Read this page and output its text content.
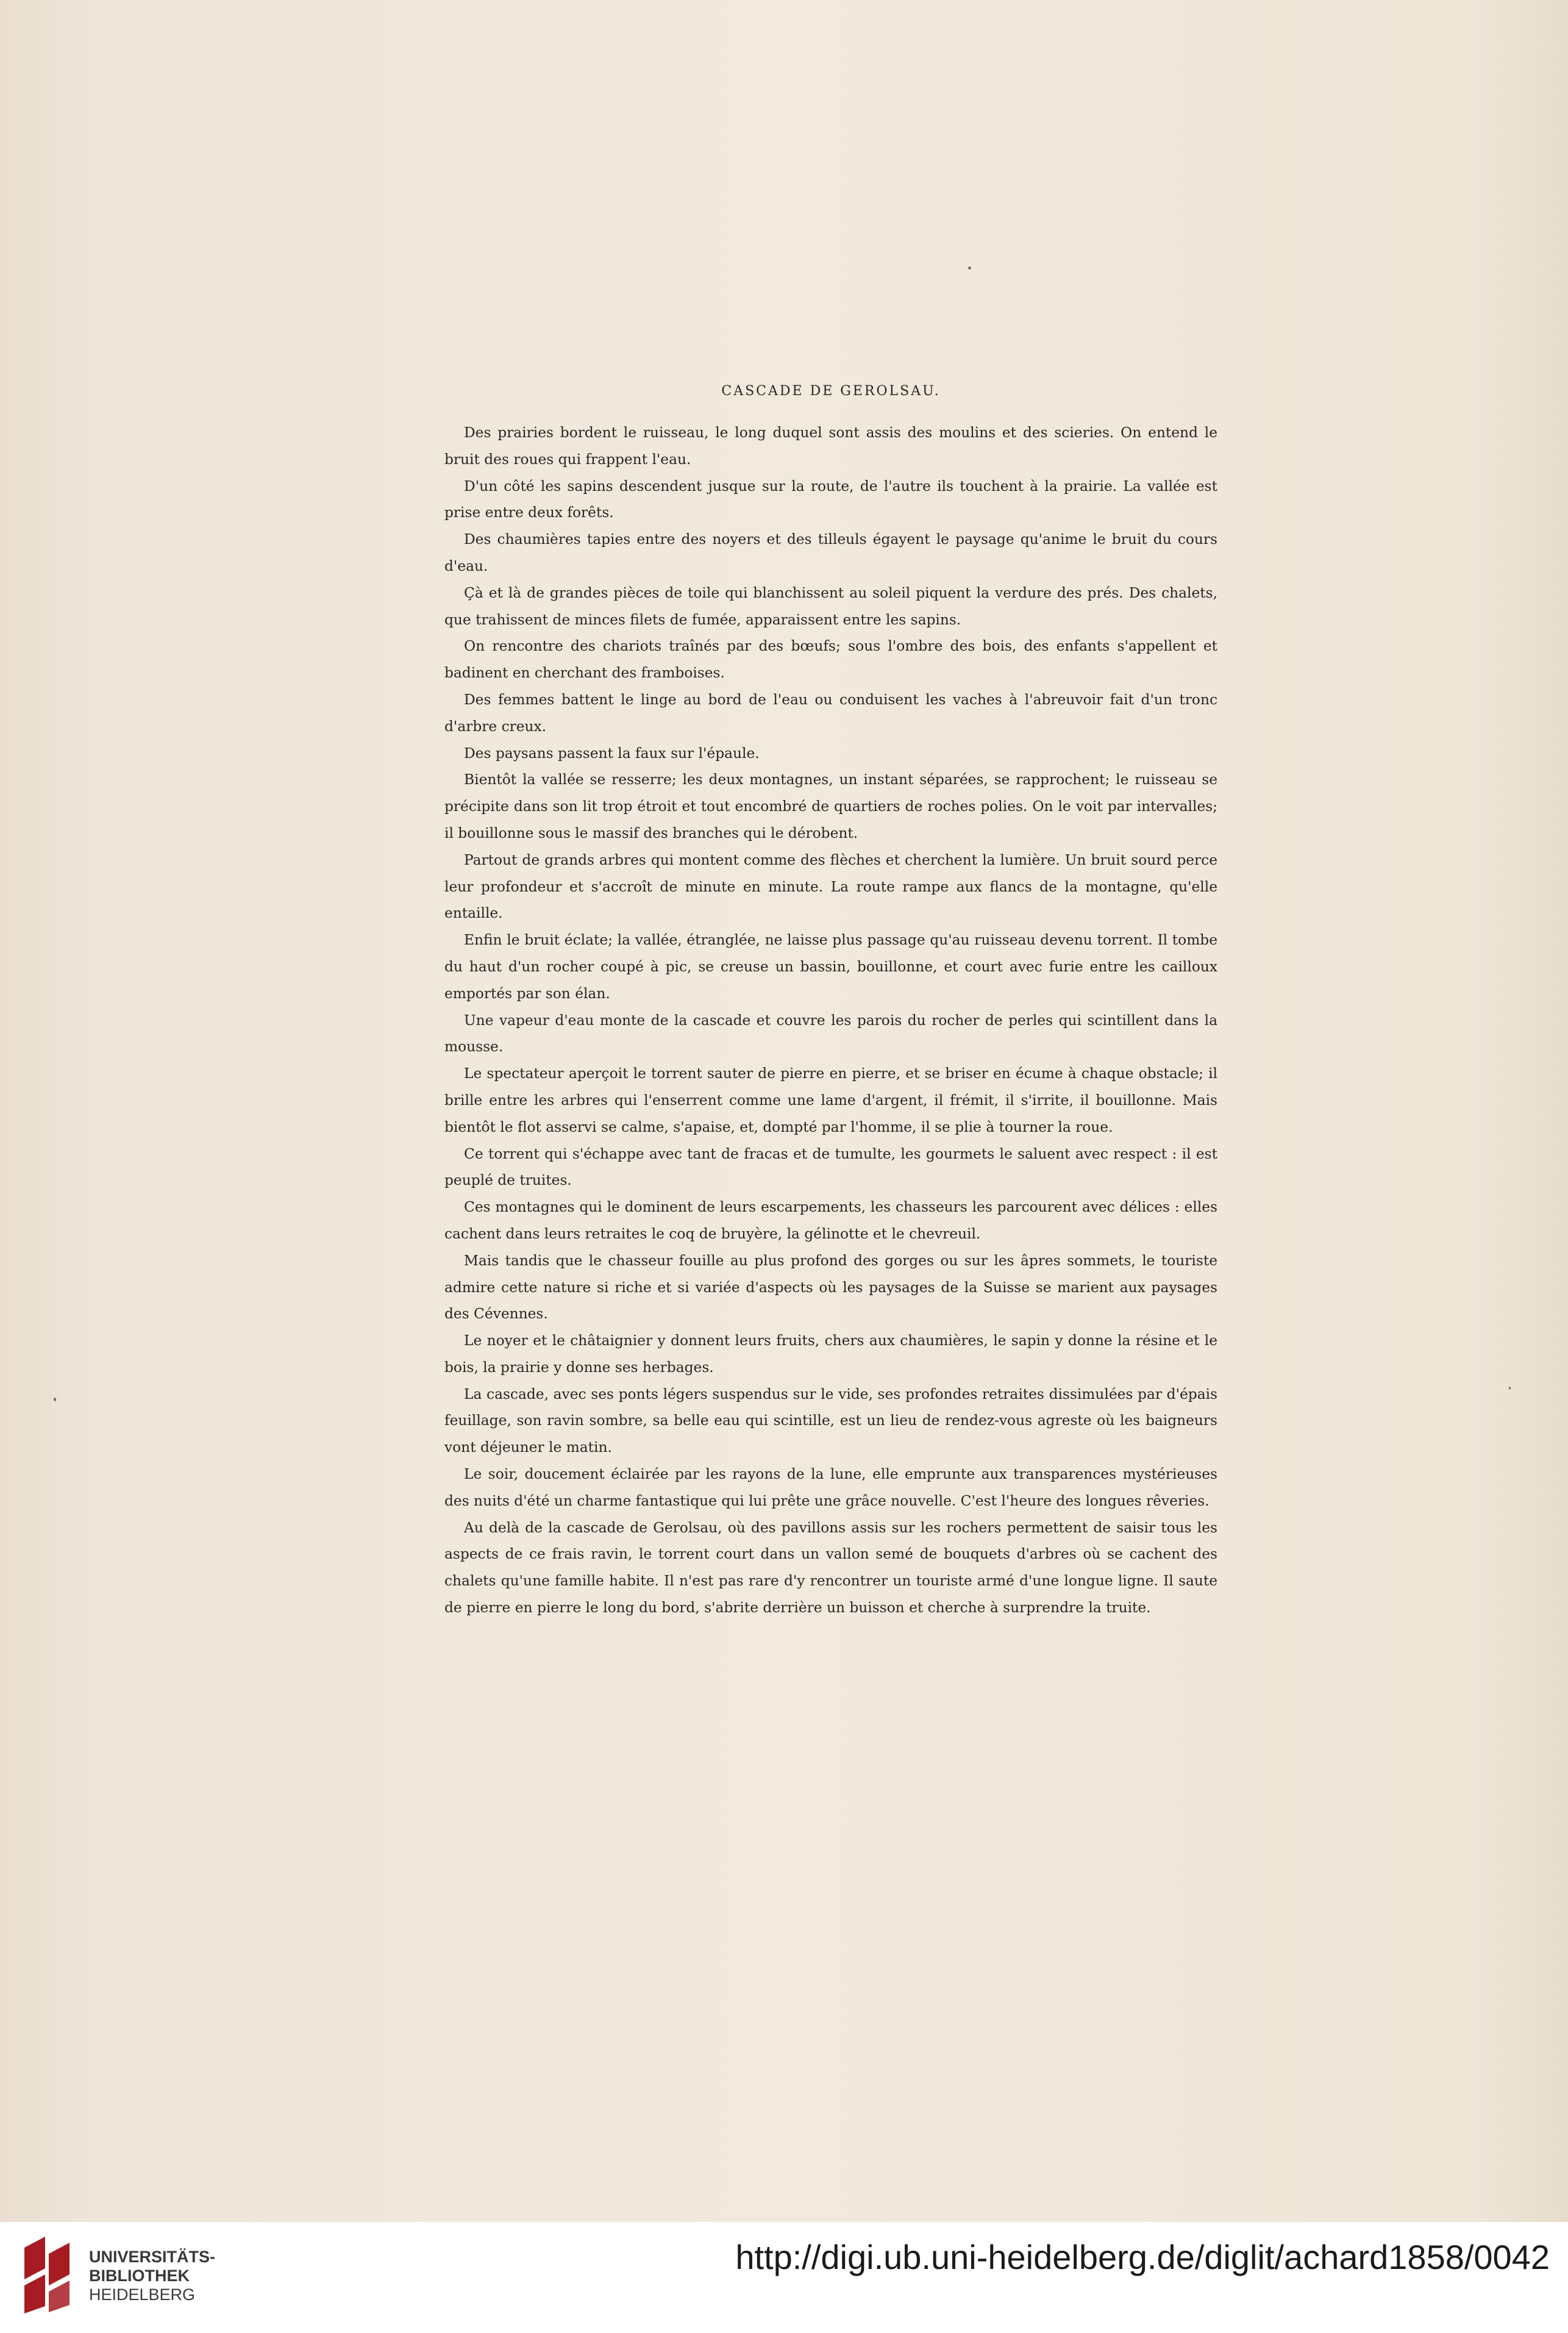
CASCADE DE GEROLSAU.

Des prairies bordent le ruisseau, le long duquel sont assis des moulins et des scieries. On entend le bruit des roues qui frappent l'eau.

D'un côté les sapins descendent jusque sur la route, de l'autre ils touchent à la prairie. La vallée est prise entre deux forêts.

Des chaumières tapies entre des noyers et des tilleuls égayent le paysage qu'anime le bruit du cours d'eau.

Çà et là de grandes pièces de toile qui blanchissent au soleil piquent la verdure des prés. Des chalets, que trahissent de minces filets de fumée, apparaissent entre les sapins.

On rencontre des chariots traînés par des bœufs; sous l'ombre des bois, des enfants s'appellent et badinent en cherchant des framboises.

Des femmes battent le linge au bord de l'eau ou conduisent les vaches à l'abreuvoir fait d'un tronc d'arbre creux.

Des paysans passent la faux sur l'épaule.

Bientôt la vallée se resserre; les deux montagnes, un instant séparées, se rapprochent; le ruisseau se précipite dans son lit trop étroit et tout encombré de quartiers de roches polies. On le voit par intervalles; il bouillonne sous le massif des branches qui le dérobent.

Partout de grands arbres qui montent comme des flèches et cherchent la lumière. Un bruit sourd perce leur profondeur et s'accroît de minute en minute. La route rampe aux flancs de la montagne, qu'elle entaille.

Enfin le bruit éclate; la vallée, étranglée, ne laisse plus passage qu'au ruisseau devenu torrent. Il tombe du haut d'un rocher coupé à pic, se creuse un bassin, bouillonne, et court avec furie entre les cailloux emportés par son élan.

Une vapeur d'eau monte de la cascade et couvre les parois du rocher de perles qui scintillent dans la mousse.

Le spectateur aperçoit le torrent sauter de pierre en pierre, et se briser en écume à chaque obstacle; il brille entre les arbres qui l'enserrent comme une lame d'argent, il frémit, il s'irrite, il bouillonne. Mais bientôt le flot asservi se calme, s'apaise, et, dompté par l'homme, il se plie à tourner la roue.

Ce torrent qui s'échappe avec tant de fracas et de tumulte, les gourmets le saluent avec respect : il est peuplé de truites.

Ces montagnes qui le dominent de leurs escarpements, les chasseurs les parcourent avec délices : elles cachent dans leurs retraites le coq de bruyère, la gélinotte et le chevreuil.

Mais tandis que le chasseur fouille au plus profond des gorges ou sur les âpres sommets, le touriste admire cette nature si riche et si variée d'aspects où les paysages de la Suisse se marient aux paysages des Cévennes.

Le noyer et le châtaignier y donnent leurs fruits, chers aux chaumières, le sapin y donne la résine et le bois, la prairie y donne ses herbages.

La cascade, avec ses ponts légers suspendus sur le vide, ses profondes retraites dissimulées par d'épais feuillage, son ravin sombre, sa belle eau qui scintille, est un lieu de rendez-vous agreste où les baigneurs vont déjeuner le matin.

Le soir, doucement éclairée par les rayons de la lune, elle emprunte aux transparences mystérieuses des nuits d'été un charme fantastique qui lui prête une grâce nouvelle. C'est l'heure des longues rêveries.

Au delà de la cascade de Gerolsau, où des pavillons assis sur les rochers permettent de saisir tous les aspects de ce frais ravin, le torrent court dans un vallon semé de bouquets d'arbres où se cachent des chalets qu'une famille habite. Il n'est pas rare d'y rencontrer un touriste armé d'une longue ligne. Il saute de pierre en pierre le long du bord, s'abrite derrière un buisson et cherche à surprendre la truite.

UNIVERSITÄTS-
BIBLIOTHEK
HEIDELBERG
http://digi.ub.uni-heidelberg.de/diglit/achard1858/0042
